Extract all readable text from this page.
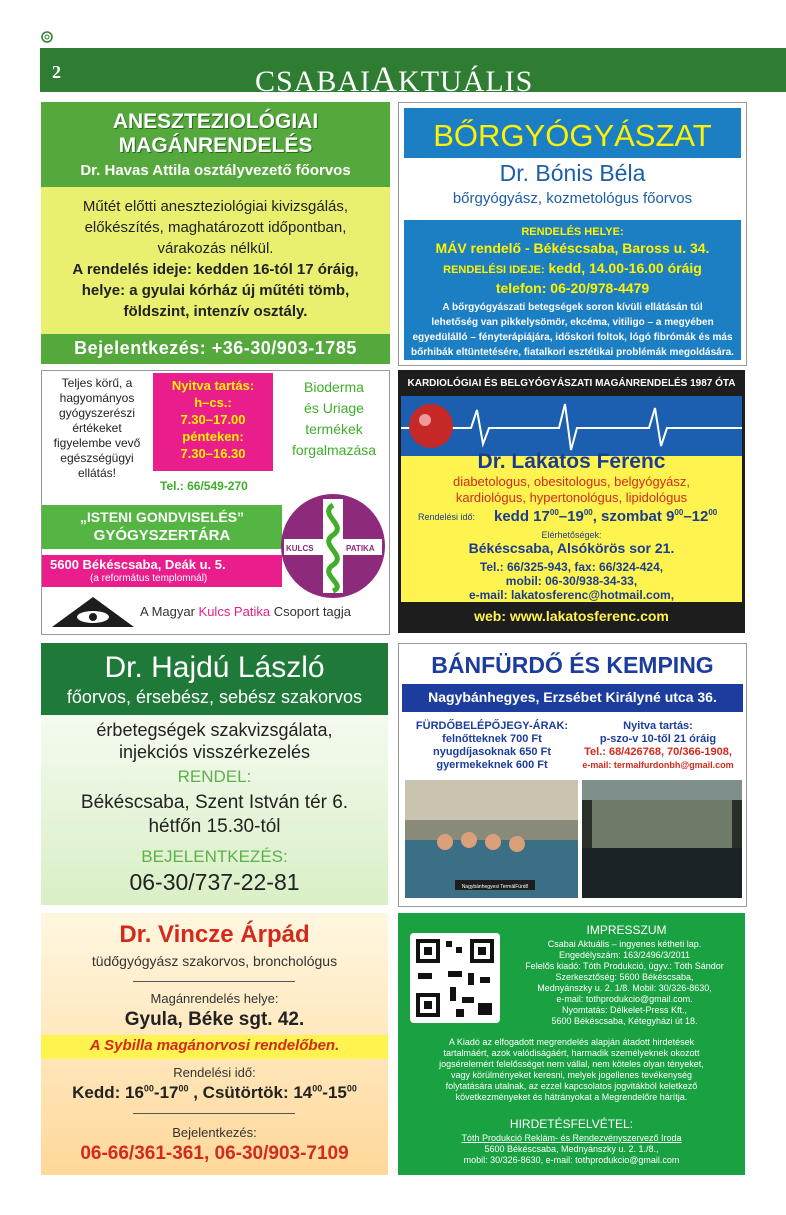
2	CSABAIAKTUÁLIS
ANESZTEZIOLÓGIAI
MAGÁNRENDELÉS
Dr. Havas Attila osztályvezető főorvos
Műtét előtti aneszteziológiai kivizsgálás,
előkészítés, maghatározott időpontban,
várakozás nélkül.
A rendelés ideje: kedden 16-tól 17 óráig,
helye: a gyulai kórház új műtéti tömb,
földszint, intenzív osztály.
Bejelentkezés: +36-30/903-1785
BŐRGYÓGYÁSZAT
Dr. Bónis Béla
bőrgyógyász, kozmetológus főorvos
RENDELÉS HELYE:
MÁV rendelő - Békéscsaba, Baross u. 34.
RENDELÉSI IDEJE: kedd, 14.00-16.00 óráig
telefon: 06-20/978-4479
A bőrgyógyászati betegségek soron kívüli ellátásán túl
lehetőség van pikkelysömör, ekcéma, vitiligo – a megyében
egyedülálló – fényterápiájára, időskori foltok, lógó fibrómák és más
bőrhibák eltüntetésére, fiatalkori esztétikai problémák megoldására.
Teljes körű, a
hagyományos
gyógyszerészi
értékeket
figyelembe vevő
egészségügyi
ellátás!
Nyitva tartás:
h–cs.:
7.30–17.00
pénteken:
7.30–16.30
Tel.: 66/549-270
Bioderma
és Uriage
termékek
forgalmazása
„ISTENI GONDVISELÉS”
GYÓGYSZERTÁRA
5600 Békéscsaba, Deák u. 5.
(a református templomnál)
KULCS	PATIKA
A Magyar Kulcs Patika Csoport tagja
KARDIOLÓGIAI ÉS BELGYÓGYÁSZATI MAGÁNRENDELÉS 1987 ÓTA
Dr. Lakatos Ferenc
diabetologus, obesitologus, belgyógyász,
kardiológus, hypertonológus, lipidológus
Rendelési idő: kedd $17^{00}-19^{00}$, szombat $9^{00}-12^{00}$
Elérhetőségek:
Békéscsaba, Alsókörös sor 21.
Tel.: 66/325-943, fax: 66/324-424,
mobil: 06-30/938-34-33,
e-mail: lakatosferenc@hotmail.com,
web: www.lakatosferenc.com
Dr. Hajdú László
főorvos, érsebész, sebész szakorvos
érbetegségek szakvizsgálata,
injekciós visszérkezelés
RENDEL:
Békéscsaba, Szent István tér 6.
hétfőn 15.30-tól
BEJELENTKEZÉS:
06-30/737-22-81
BÁNFÜRDŐ ÉS KEMPING
Nagybánhegyes, Erzsébet Királyné utca 36.
FÜRDŐBELÉPŐJEGY-ÁRAK:
felnőtteknek 700 Ft
nyugdíjasoknak 650 Ft
gyermekeknek 600 Ft
Nyitva tartás:
p-szo-v 10-től 21 óráig
Tel.: 68/426768, 70/366-1908,
e-mail: termalfurdonbh@gmail.com
Nagybánhegyesi TermálFürdő
Dr. Vincze Árpád
tüdőgyógyász szakorvos, bronchológus
Magánrendelés helye:
Gyula, Béke sgt. 42.
A Sybilla magánorvosi rendelőben.
Rendelési idő:
Kedd: $16^{00}-17^{00}$ , Csütörtök: $14^{00}-15^{00}$
Bejelentkezés:
06-66/361-361, 06-30/903-7109
IMPRESSZUM
Csabai Aktuális – ingyenes kétheti lap.
Engedélyszám: 163/2496/3/2011
Felelős kiadó: Tóth Produkció, ügyv.: Tóth Sándor
Szerkesztőség: 5600 Békéscsaba,
Mednyánszky u. 2. 1/8. Mobil: 30/326-8630,
e-mail: tothprodukcio@gmail.com.
Nyomtatás: Délkelet-Press Kft.,
5600 Békéscsaba, Kétegyházi út 18.
A Kiadó az elfogadott megrendelés alapján átadott hirdetések
tartalmáért, azok valódiságáért, harmadik személyeknek okozott
jogsérelemért felelősséget nem vállal, nem köteles olyan tényeket,
vagy körülményeket keresni, melyek jogellenes tevékenység
folytatására utalnak, az ezzel kapcsolatos jogvitákból keletkező
következményeket és hátrányokat a Megrendelőre hárítja.
HIRDETÉSFELVÉTEL:
Tóth Produkció Reklám- és Rendezvényszervező Iroda
5600 Békéscsaba, Mednyánszky u. 2. 1./8.,
mobil: 30/326-8630, e-mail: tothprodukcio@gmail.com
